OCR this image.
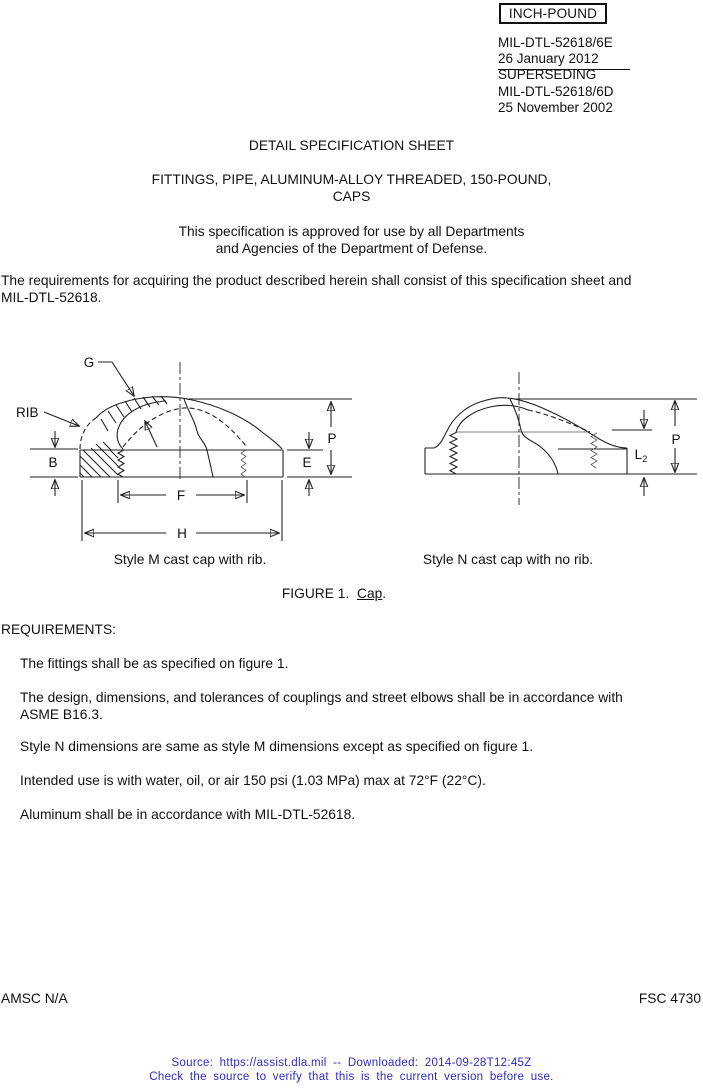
INCH-POUND
MIL-DTL-52618/6E
26 January 2012
SUPERSEDING
MIL-DTL-52618/6D
25 November 2002
DETAIL SPECIFICATION SHEET
FITTINGS, PIPE, ALUMINUM-ALLOY THREADED, 150-POUND,
CAPS
This specification is approved for use by all Departments
and Agencies of the Department of Defense.
The requirements for acquiring the product described herein shall consist of this specification sheet and
MIL-DTL-52618.
G
RIB
B	E
P
F
H
$L_2$
P
Style M cast cap with rib.	Style N cast cap with no rib.
FIGURE 1. Cap.
REQUIREMENTS:
The fittings shall be as specified on figure 1.
The design, dimensions, and tolerances of couplings and street elbows shall be in accordance with
ASME B16.3.
Style N dimensions are same as style M dimensions except as specified on figure 1.
Intended use is with water, oil, or air 150 psi (1.03 MPa) max at 72°F (22°C).
Aluminum shall be in accordance with MIL-DTL-52618.
AMSC N/A	FSC 4730
Source: https://assist.dla.mil -- Downloaded: 2014-09-28T12:45Z
Check the source to verify that this is the current version before use.
